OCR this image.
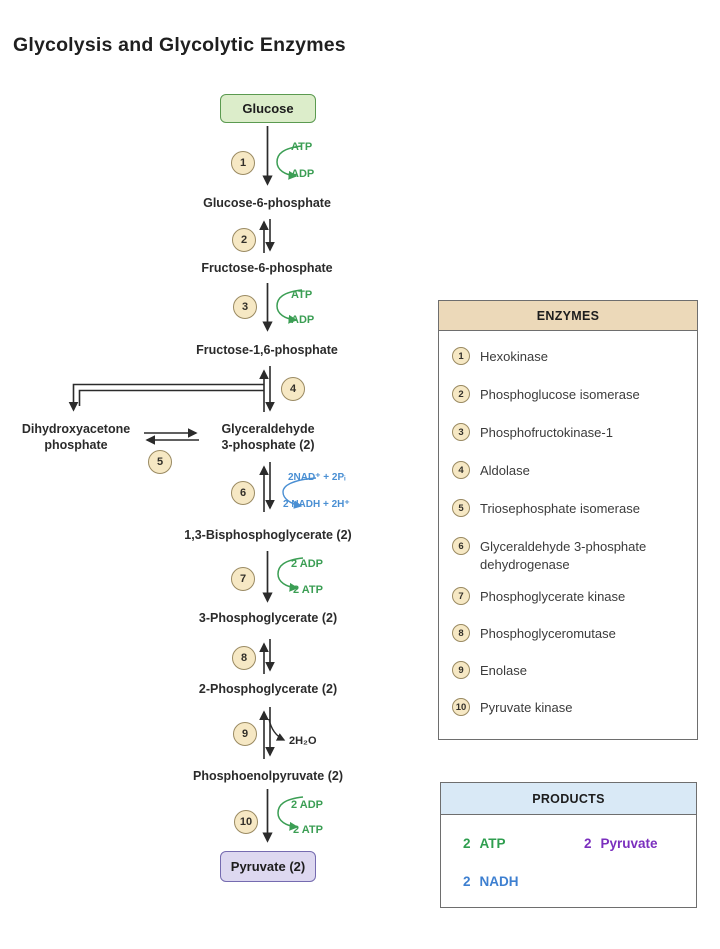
Glycolysis and Glycolytic Enzymes
Glucose
Glucose-6-phosphate
Fructose-6-phosphate
Fructose-1,6-phosphate
Dihydroxyacetone
phosphate
Glyceraldehyde
3-phosphate (2)
1,3-Bisphosphoglycerate (2)
3-Phosphoglycerate (2)
2-Phosphoglycerate (2)
Phosphoenolpyruvate (2)
Pyruvate (2)
1
2
3
4
5
6
7
8
9
10
ATP
ADP
ATP
ADP
2NAD⁺ + 2Pᵢ
2 NADH + 2H⁺
2 ADP
2 ATP
2H₂O
2 ADP
2 ATP
ENZYMES
1	Hexokinase
2	Phosphoglucose isomerase
3	Phosphofructokinase-1
4	Aldolase
5	Triosephosphate isomerase
6	Glyceraldehyde 3-phosphate dehydrogenase
7	Phosphoglycerate kinase
8	Phosphoglyceromutase
9	Enolase
10 Pyruvate kinase
PRODUCTS
2 ATP	2 Pyruvate
2 NADH
